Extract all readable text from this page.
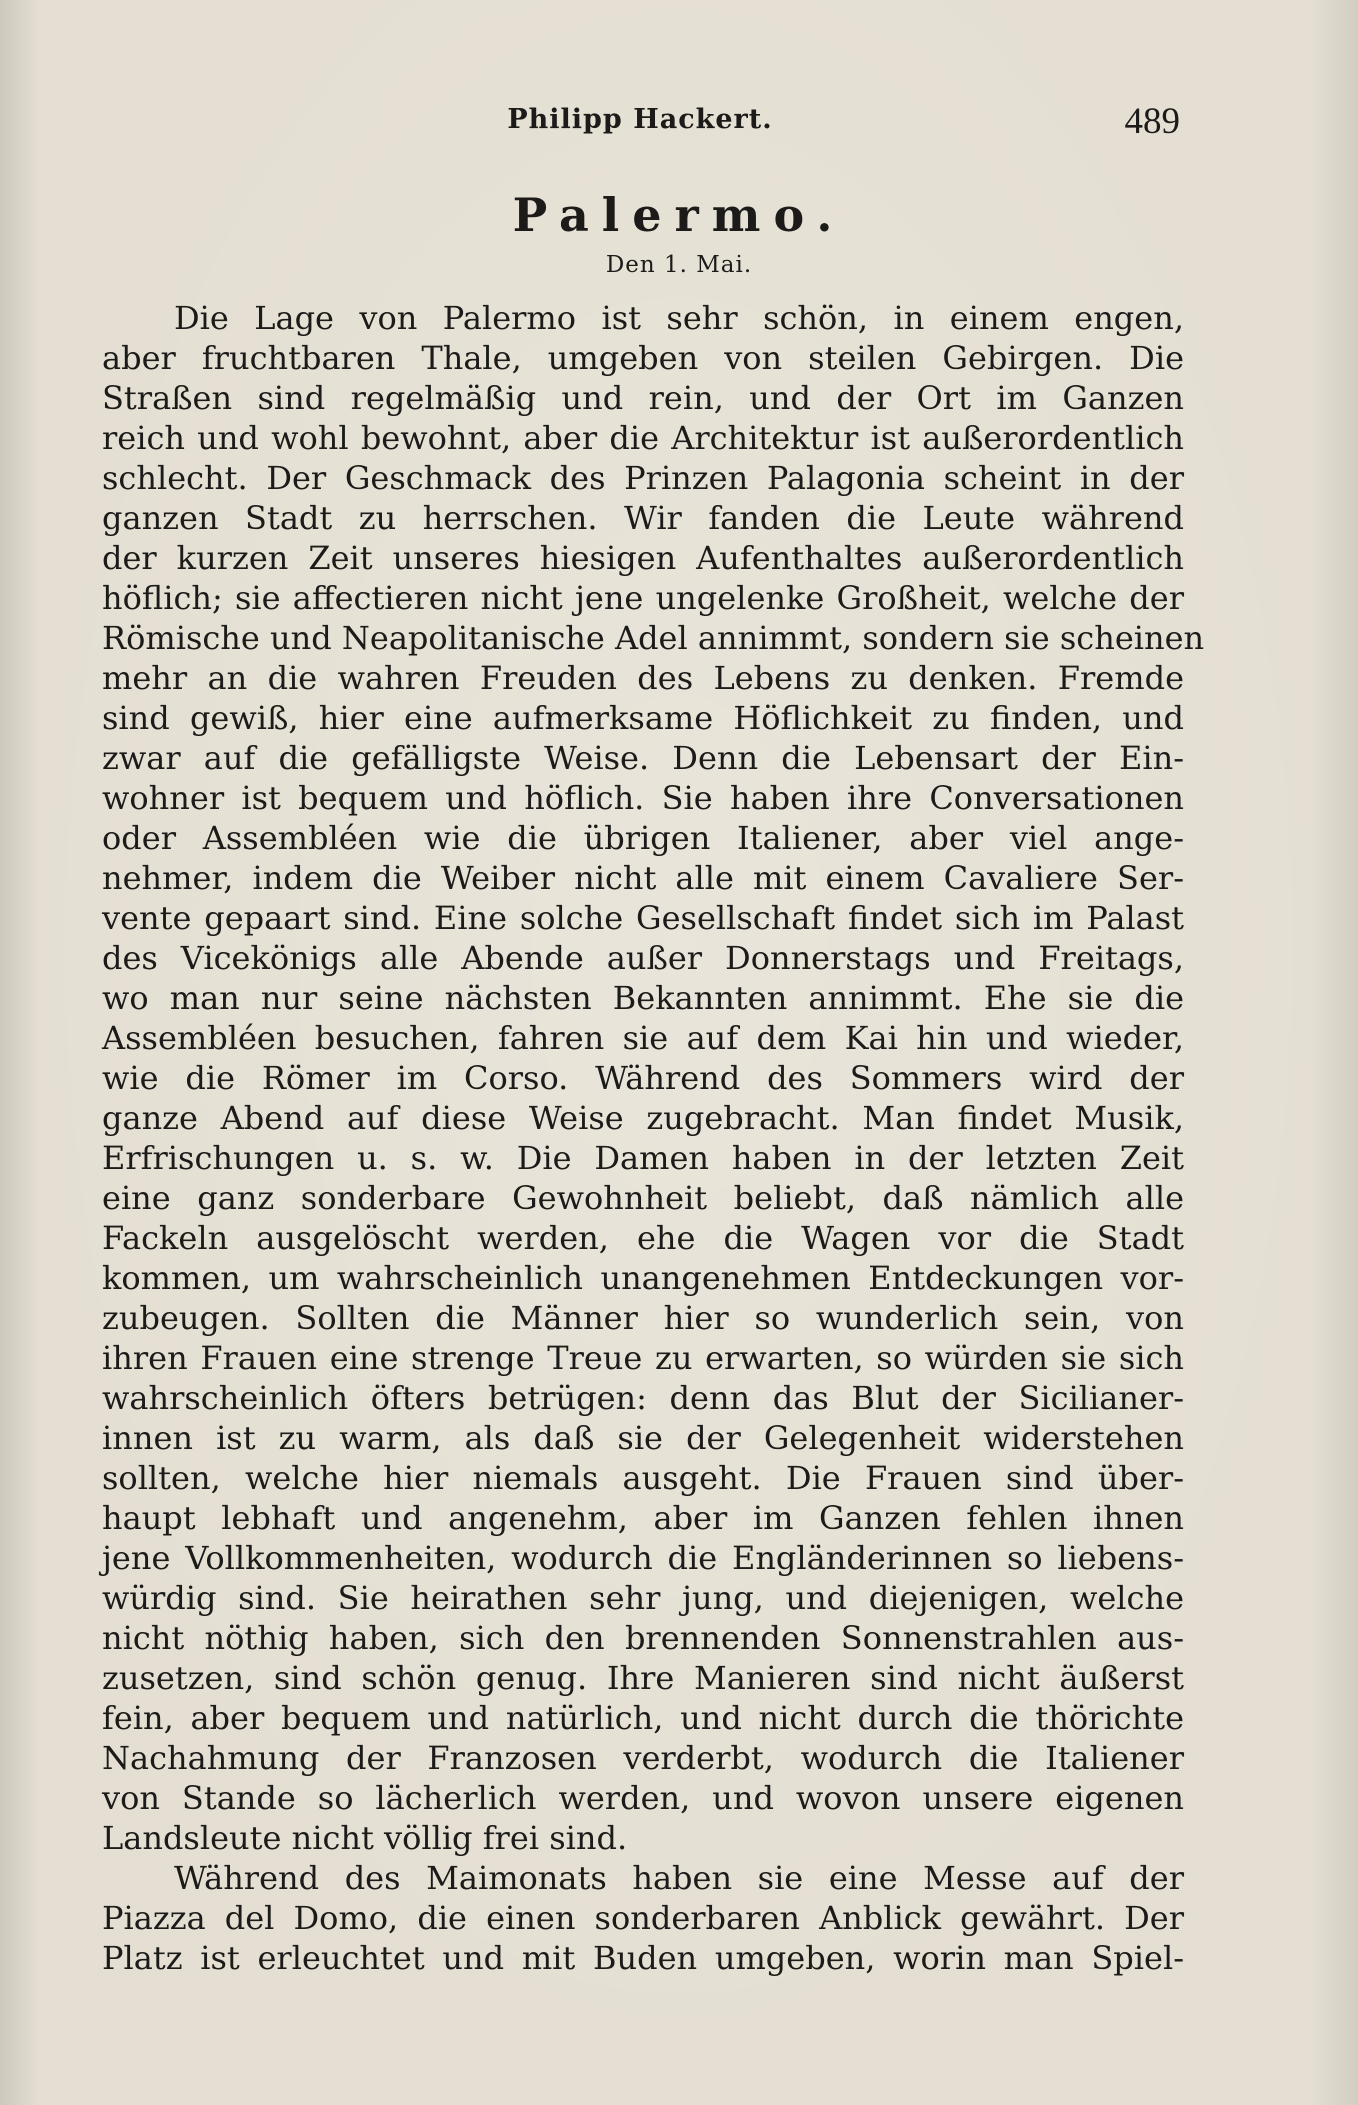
Philipp Hackert.	489
Palermo.
Den 1. Mai.
Die Lage von Palermo ist sehr schön, in einem engen,
aber fruchtbaren Thale, umgeben von steilen Gebirgen. Die
Straßen sind regelmäßig und rein, und der Ort im Ganzen
reich und wohl bewohnt, aber die Architektur ist außerordentlich
schlecht. Der Geschmack des Prinzen Palagonia scheint in der
ganzen Stadt zu herrschen. Wir fanden die Leute während
der kurzen Zeit unseres hiesigen Aufenthaltes außerordentlich
höflich; sie affectieren nicht jene ungelenke Großheit, welche der
Römische und Neapolitanische Adel annimmt, sondern sie scheinen
mehr an die wahren Freuden des Lebens zu denken. Fremde
sind gewiß, hier eine aufmerksame Höflichkeit zu finden, und
zwar auf die gefälligste Weise. Denn die Lebensart der Ein-
wohner ist bequem und höflich. Sie haben ihre Conversationen
oder Assembléen wie die übrigen Italiener, aber viel ange-
nehmer, indem die Weiber nicht alle mit einem Cavaliere Ser-
vente gepaart sind. Eine solche Gesellschaft findet sich im Palast
des Vicekönigs alle Abende außer Donnerstags und Freitags,
wo man nur seine nächsten Bekannten annimmt. Ehe sie die
Assembléen besuchen, fahren sie auf dem Kai hin und wieder,
wie die Römer im Corso. Während des Sommers wird der
ganze Abend auf diese Weise zugebracht. Man findet Musik,
Erfrischungen u. s. w. Die Damen haben in der letzten Zeit
eine ganz sonderbare Gewohnheit beliebt, daß nämlich alle
Fackeln ausgelöscht werden, ehe die Wagen vor die Stadt
kommen, um wahrscheinlich unangenehmen Entdeckungen vor-
zubeugen. Sollten die Männer hier so wunderlich sein, von
ihren Frauen eine strenge Treue zu erwarten, so würden sie sich
wahrscheinlich öfters betrügen: denn das Blut der Sicilianer-
innen ist zu warm, als daß sie der Gelegenheit widerstehen
sollten, welche hier niemals ausgeht. Die Frauen sind über-
haupt lebhaft und angenehm, aber im Ganzen fehlen ihnen
jene Vollkommenheiten, wodurch die Engländerinnen so liebens-
würdig sind. Sie heirathen sehr jung, und diejenigen, welche
nicht nöthig haben, sich den brennenden Sonnenstrahlen aus-
zusetzen, sind schön genug. Ihre Manieren sind nicht äußerst
fein, aber bequem und natürlich, und nicht durch die thörichte
Nachahmung der Franzosen verderbt, wodurch die Italiener
von Stande so lächerlich werden, und wovon unsere eigenen
Landsleute nicht völlig frei sind.
Während des Maimonats haben sie eine Messe auf der
Piazza del Domo, die einen sonderbaren Anblick gewährt. Der
Platz ist erleuchtet und mit Buden umgeben, worin man Spiel-
